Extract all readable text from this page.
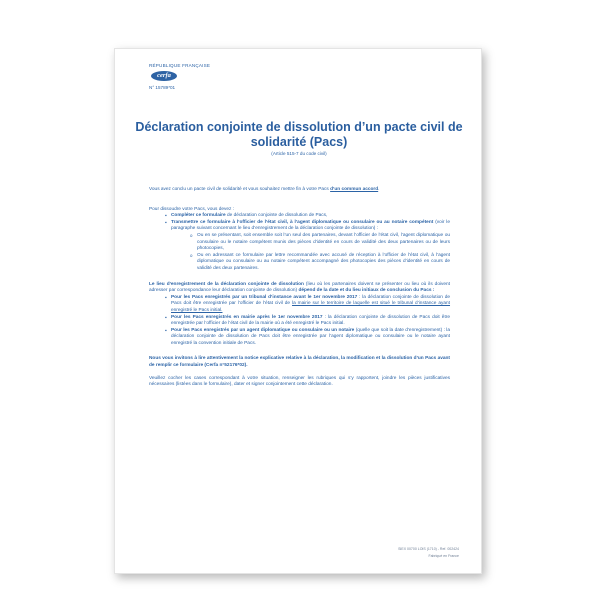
RÉPUBLIQUE FRANÇAISE
cerfa
N° 15789*01
Déclaration conjointe de dissolution d’un pacte civil de solidarité (Pacs)
(Article 515-7 du code civil)

Vous avez conclu un pacte civil de solidarité et vous souhaitez mettre fin à votre Pacs d’un commun accord.

Pour dissoudre votre Pacs, vous devez :

▪ Compléter ce formulaire de déclaration conjointe de dissolution de Pacs,
▪ Transmettre ce formulaire à l’officier de l’état civil, à l’agent diplomatique ou consulaire ou au notaire compétent (voir le paragraphe suivant concernant le lieu d’enregistrement de la déclaration conjointe de dissolution) :
o Ou en se présentant, soit ensemble soit l’un seul des partenaires, devant l’officier de l’état civil, l’agent diplomatique ou consulaire ou le notaire compétent munis des pièces d’identité en cours de validité des deux partenaires ou de leurs photocopies,
o Ou en adressant ce formulaire par lettre recommandée avec accusé de réception à l’officier de l’état civil, à l’agent diplomatique ou consulaire ou au notaire compétent accompagné des photocopies des pièces d’identité en cours de validité des deux partenaires.

Le lieu d’enregistrement de la déclaration conjointe de dissolution (lieu où les partenaires doivent se présenter ou lieu où ils doivent adresser par correspondance leur déclaration conjointe de dissolution) dépend de la date et du lieu initiaux de conclusion du Pacs :

▪ Pour les Pacs enregistrés par un tribunal d’instance avant le 1er novembre 2017 : la déclaration conjointe de dissolution de Pacs doit être enregistrée par l’officier de l’état civil de la mairie sur le territoire de laquelle est situé le tribunal d’instance ayant enregistré le Pacs initial.
▪ Pour les Pacs enregistrés en mairie après le 1er novembre 2017 : la déclaration conjointe de dissolution de Pacs doit être enregistrée par l’officier de l’état civil de la mairie où a été enregistré le Pacs initial.
▪ Pour les Pacs enregistrés par un agent diplomatique ou consulaire ou un notaire (quelle que soit la date d’enregistrement) : la déclaration conjointe de dissolution de Pacs doit être enregistrée par l’agent diplomatique ou consulaire ou le notaire ayant enregistré la convention initiale de Pacs.

Nous vous invitons à lire attentivement la notice explicative relative à la déclaration, la modification et la dissolution d’un Pacs avant de remplir ce formulaire (Cerfa n°52176*02).

Veuillez cocher les cases correspondant à votre situation, renseigner les rubriques qui s’y rapportent, joindre les pièces justificatives nécessaires (listées dans le formulaire), dater et signer conjointement cette déclaration.

SIEX 00700 LOIS (1710) - Ref. 002424
Fabriqué en France
